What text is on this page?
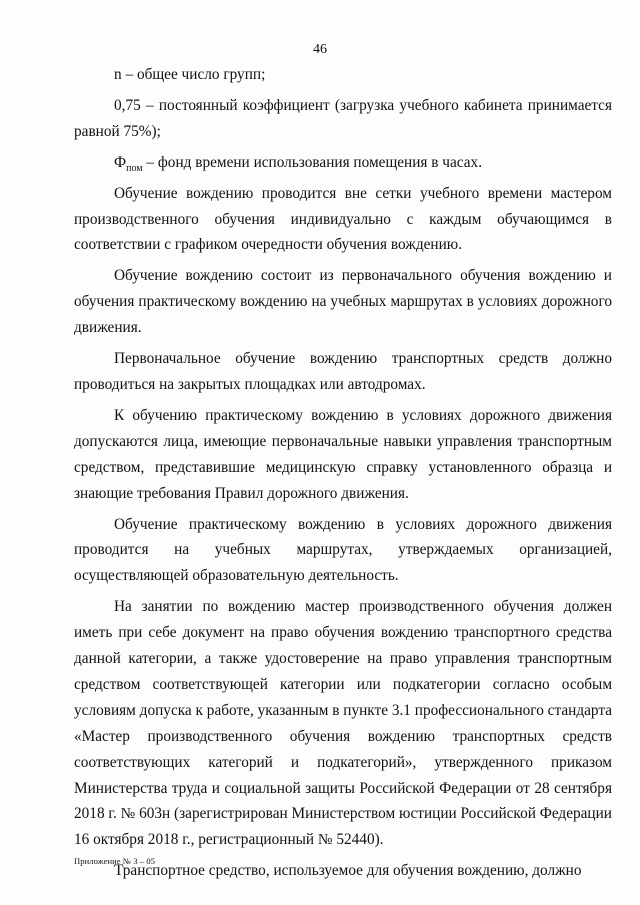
46

n – общее число групп;

0,75 – постоянный коэффициент (загрузка учебного кабинета принимается равной 75%);

$Ф_{пом}$ – фонд времени использования помещения в часах.

Обучение вождению проводится вне сетки учебного времени мастером производственного обучения индивидуально с каждым обучающимся в соответствии с графиком очередности обучения вождению.

Обучение вождению состоит из первоначального обучения вождению и обучения практическому вождению на учебных маршрутах в условиях дорожного движения.

Первоначальное обучение вождению транспортных средств должно проводиться на закрытых площадках или автодромах.

К обучению практическому вождению в условиях дорожного движения допускаются лица, имеющие первоначальные навыки управления транспортным средством, представившие медицинскую справку установленного образца и знающие требования Правил дорожного движения.

Обучение практическому вождению в условиях дорожного движения проводится на учебных маршрутах, утверждаемых организацией, осуществляющей образовательную деятельность.

На занятии по вождению мастер производственного обучения должен иметь при себе документ на право обучения вождению транспортного средства данной категории, а также удостоверение на право управления транспортным средством соответствующей категории или подкатегории согласно особым условиям допуска к работе, указанным в пункте 3.1 профессионального стандарта «Мастер производственного обучения вождению транспортных средств соответствующих категорий и подкатегорий», утвержденного приказом Министерства труда и социальной защиты Российской Федерации от 28 сентября 2018 г. № 603н (зарегистрирован Министерством юстиции Российской Федерации 16 октября 2018 г., регистрационный № 52440).

Транспортное средство, используемое для обучения вождению, должно

Приложение № 3 – 05
